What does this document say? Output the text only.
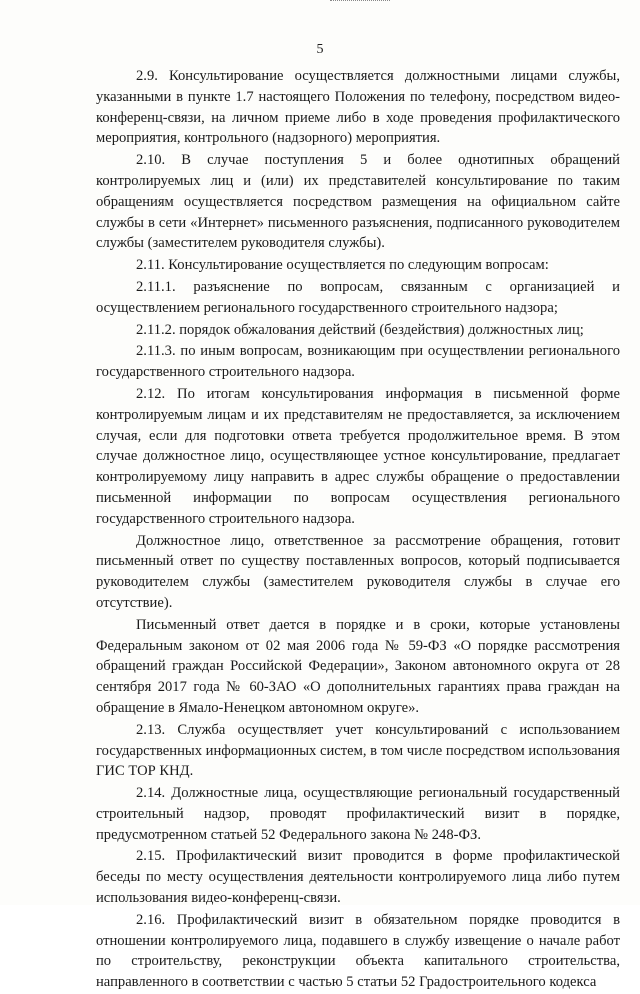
5

2.9. Консультирование осуществляется должностными лицами службы, указанными в пункте 1.7 настоящего Положения по телефону, посредством видео-конференц-связи, на личном приеме либо в ходе проведения профилактического мероприятия, контрольного (надзорного) мероприятия.

2.10. В случае поступления 5 и более однотипных обращений контролируемых лиц и (или) их представителей консультирование по таким обращениям осуществляется посредством размещения на официальном сайте службы в сети «Интернет» письменного разъяснения, подписанного руководителем службы (заместителем руководителя службы).

2.11. Консультирование осуществляется по следующим вопросам:

2.11.1. разъяснение по вопросам, связанным с организацией и осуществлением регионального государственного строительного надзора;

2.11.2. порядок обжалования действий (бездействия) должностных лиц;

2.11.3. по иным вопросам, возникающим при осуществлении регионального государственного строительного надзора.

2.12. По итогам консультирования информация в письменной форме контролируемым лицам и их представителям не предоставляется, за исключением случая, если для подготовки ответа требуется продолжительное время. В этом случае должностное лицо, осуществляющее устное консультирование, предлагает контролируемому лицу направить в адрес службы обращение о предоставлении письменной информации по вопросам осуществления регионального государственного строительного надзора.

Должностное лицо, ответственное за рассмотрение обращения, готовит письменный ответ по существу поставленных вопросов, который подписывается руководителем службы (заместителем руководителя службы в случае его отсутствие).

Письменный ответ дается в порядке и в сроки, которые установлены Федеральным законом от 02 мая 2006 года № 59-ФЗ «О порядке рассмотрения обращений граждан Российской Федерации», Законом автономного округа от 28 сентября 2017 года № 60-ЗАО «О дополнительных гарантиях права граждан на обращение в Ямало-Ненецком автономном округе».

2.13. Служба осуществляет учет консультирований с использованием государственных информационных систем, в том числе посредством использования ГИС ТОР КНД.

2.14. Должностные лица, осуществляющие региональный государственный строительный надзор, проводят профилактический визит в порядке, предусмотренном статьей 52 Федерального закона № 248-ФЗ.

2.15. Профилактический визит проводится в форме профилактической беседы по месту осуществления деятельности контролируемого лица либо путем использования видео-конференц-связи.

2.16. Профилактический визит в обязательном порядке проводится в отношении контролируемого лица, подавшего в службу извещение о начале работ по строительству, реконструкции объекта капитального строительства, направленного в соответствии с частью 5 статьи 52 Градостроительного кодекса
